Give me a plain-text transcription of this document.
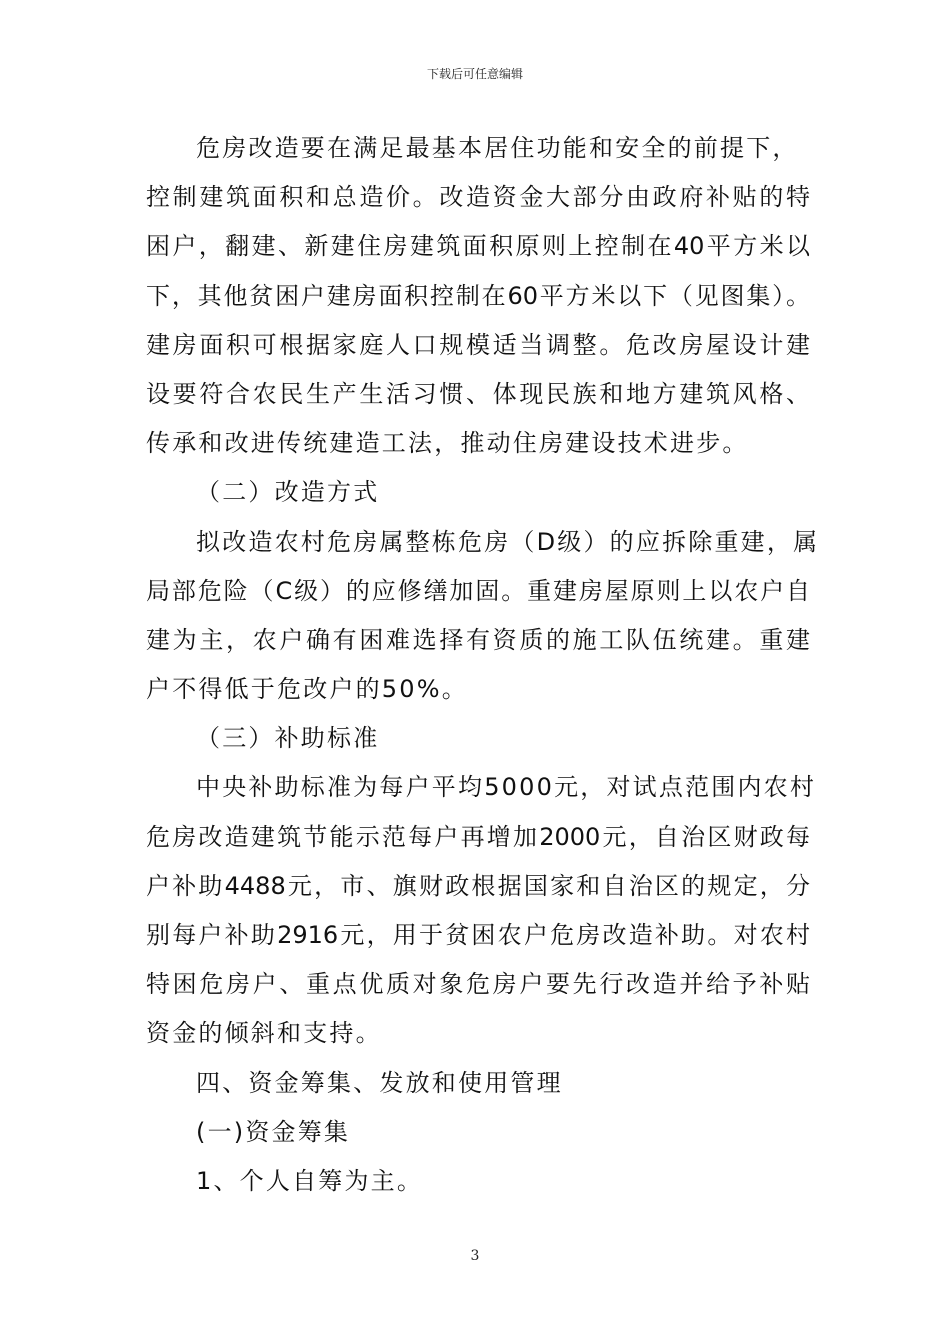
下载后可任意编辑
危房改造要在满足最基本居住功能和安全的前提下，
控制建筑面积和总造价。改造资金大部分由政府补贴的特
困户，翻建、新建住房建筑面积原则上控制在40平方米以
下，其他贫困户建房面积控制在60平方米以下（见图集）。
建房面积可根据家庭人口规模适当调整。危改房屋设计建
设要符合农民生产生活习惯、体现民族和地方建筑风格、
传承和改进传统建造工法，推动住房建设技术进步。
（二）改造方式
拟改造农村危房属整栋危房（D级）的应拆除重建，属
局部危险（C级）的应修缮加固。重建房屋原则上以农户自
建为主，农户确有困难选择有资质的施工队伍统建。重建
户不得低于危改户的50%。
（三）补助标准
中央补助标准为每户平均5000元，对试点范围内农村
危房改造建筑节能示范每户再增加2000元，自治区财政每
户补助4488元，市、旗财政根据国家和自治区的规定，分
别每户补助2916元，用于贫困农户危房改造补助。对农村
特困危房户、重点优质对象危房户要先行改造并给予补贴
资金的倾斜和支持。
四、资金筹集、发放和使用管理
(一)资金筹集
1、个人自筹为主。
3
